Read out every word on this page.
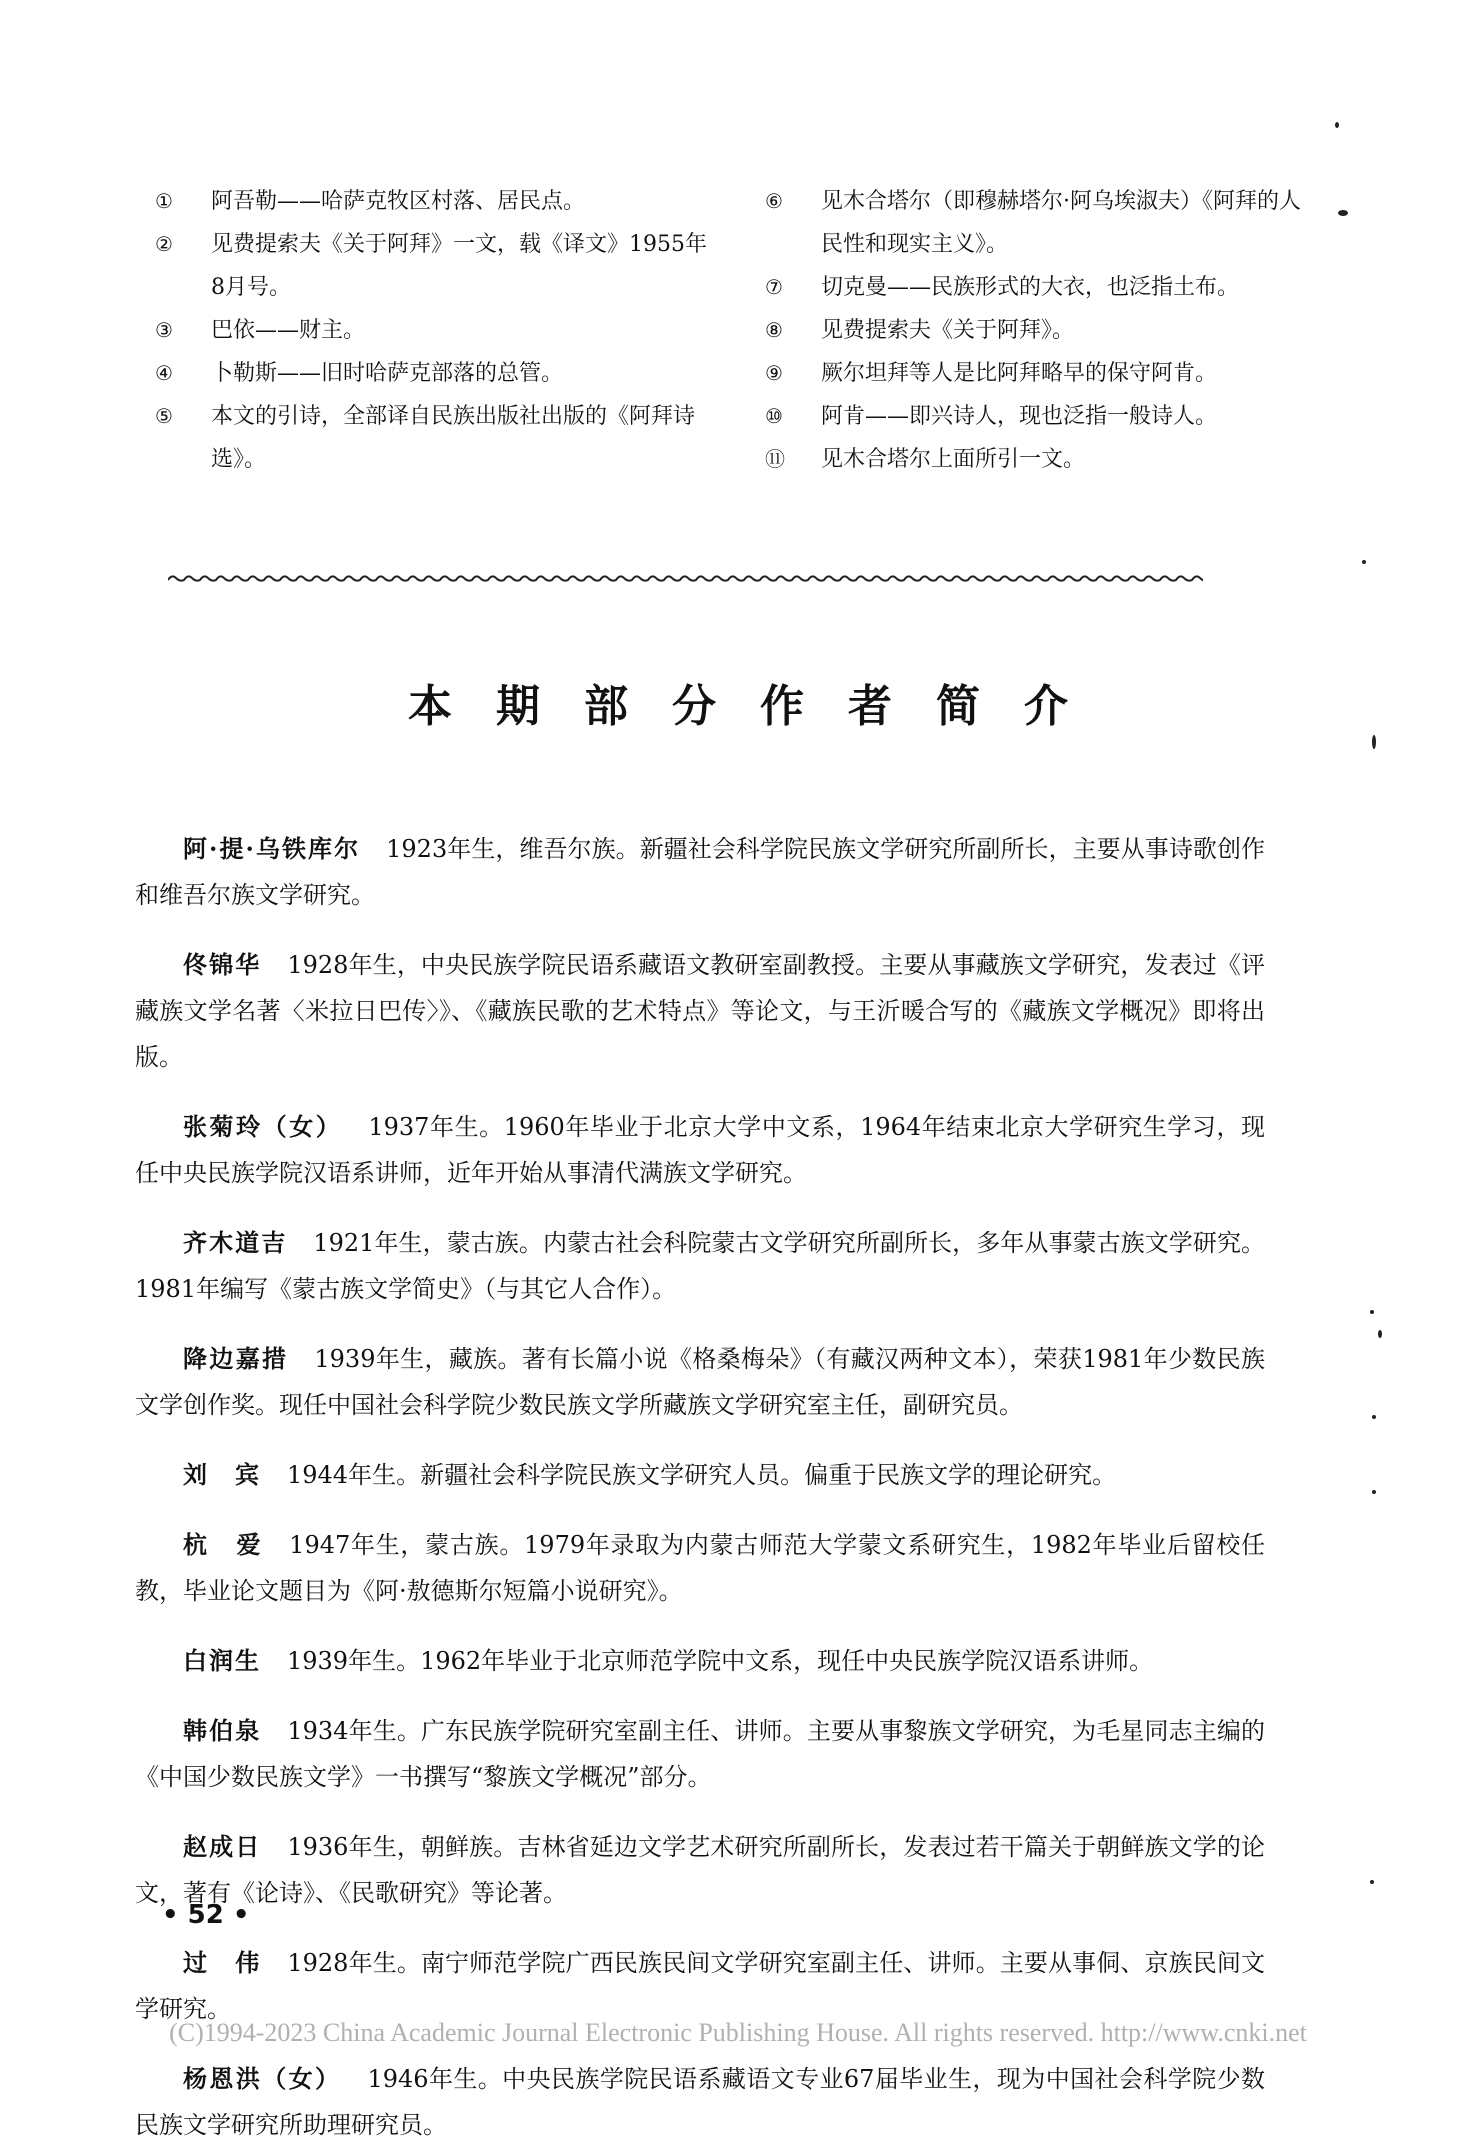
①	阿吾勒——哈萨克牧区村落、居民点。
②	见费提索夫《关于阿拜》一文，载《译文》1955年8月号。
③	巴依——财主。
④	卜勒斯——旧时哈萨克部落的总管。
⑤	本文的引诗，全部译自民族出版社出版的《阿拜诗选》。
⑥	见木合塔尔（即穆赫塔尔·阿乌埃淑夫）《阿拜的人民性和现实主义》。
⑦	切克曼——民族形式的大衣，也泛指土布。
⑧	见费提索夫《关于阿拜》。
⑨	厥尔坦拜等人是比阿拜略早的保守阿肯。
⑩	阿肯——即兴诗人，现也泛指一般诗人。
⑪	见木合塔尔上面所引一文。
本期部分作者简介

阿·提·乌铁库尔 1923年生，维吾尔族。新疆社会科学院民族文学研究所副所长，主要从事诗歌创作和维吾尔族文学研究。

佟锦华 1928年生，中央民族学院民语系藏语文教研室副教授。主要从事藏族文学研究，发表过《评藏族文学名著〈米拉日巴传〉》、《藏族民歌的艺术特点》等论文，与王沂暖合写的《藏族文学概况》即将出版。

张菊玲（女） 1937年生。1960年毕业于北京大学中文系，1964年结束北京大学研究生学习，现任中央民族学院汉语系讲师，近年开始从事清代满族文学研究。

齐木道吉 1921年生，蒙古族。内蒙古社会科院蒙古文学研究所副所长，多年从事蒙古族文学研究。1981年编写《蒙古族文学简史》（与其它人合作）。

降边嘉措 1939年生，藏族。著有长篇小说《格桑梅朵》（有藏汉两种文本），荣获1981年少数民族文学创作奖。现任中国社会科学院少数民族文学所藏族文学研究室主任，副研究员。

刘　宾 1944年生。新疆社会科学院民族文学研究人员。偏重于民族文学的理论研究。

杭　爱 1947年生，蒙古族。1979年录取为内蒙古师范大学蒙文系研究生，1982年毕业后留校任教，毕业论文题目为《阿·敖德斯尔短篇小说研究》。

白润生 1939年生。1962年毕业于北京师范学院中文系，现任中央民族学院汉语系讲师。

韩伯泉 1934年生。广东民族学院研究室副主任、讲师。主要从事黎族文学研究，为毛星同志主编的《中国少数民族文学》一书撰写“黎族文学概况”部分。

赵成日 1936年生，朝鲜族。吉林省延边文学艺术研究所副所长，发表过若干篇关于朝鲜族文学的论文，著有《论诗》、《民歌研究》等论著。

过　伟 1928年生。南宁师范学院广西民族民间文学研究室副主任、讲师。主要从事侗、京族民间文学研究。

杨恩洪（女） 1946年生。中央民族学院民语系藏语文专业67届毕业生，现为中国社会科学院少数民族文学研究所助理研究员。

• 52 •
(C)1994-2023 China Academic Journal Electronic Publishing House. All rights reserved. http://www.cnki.net
